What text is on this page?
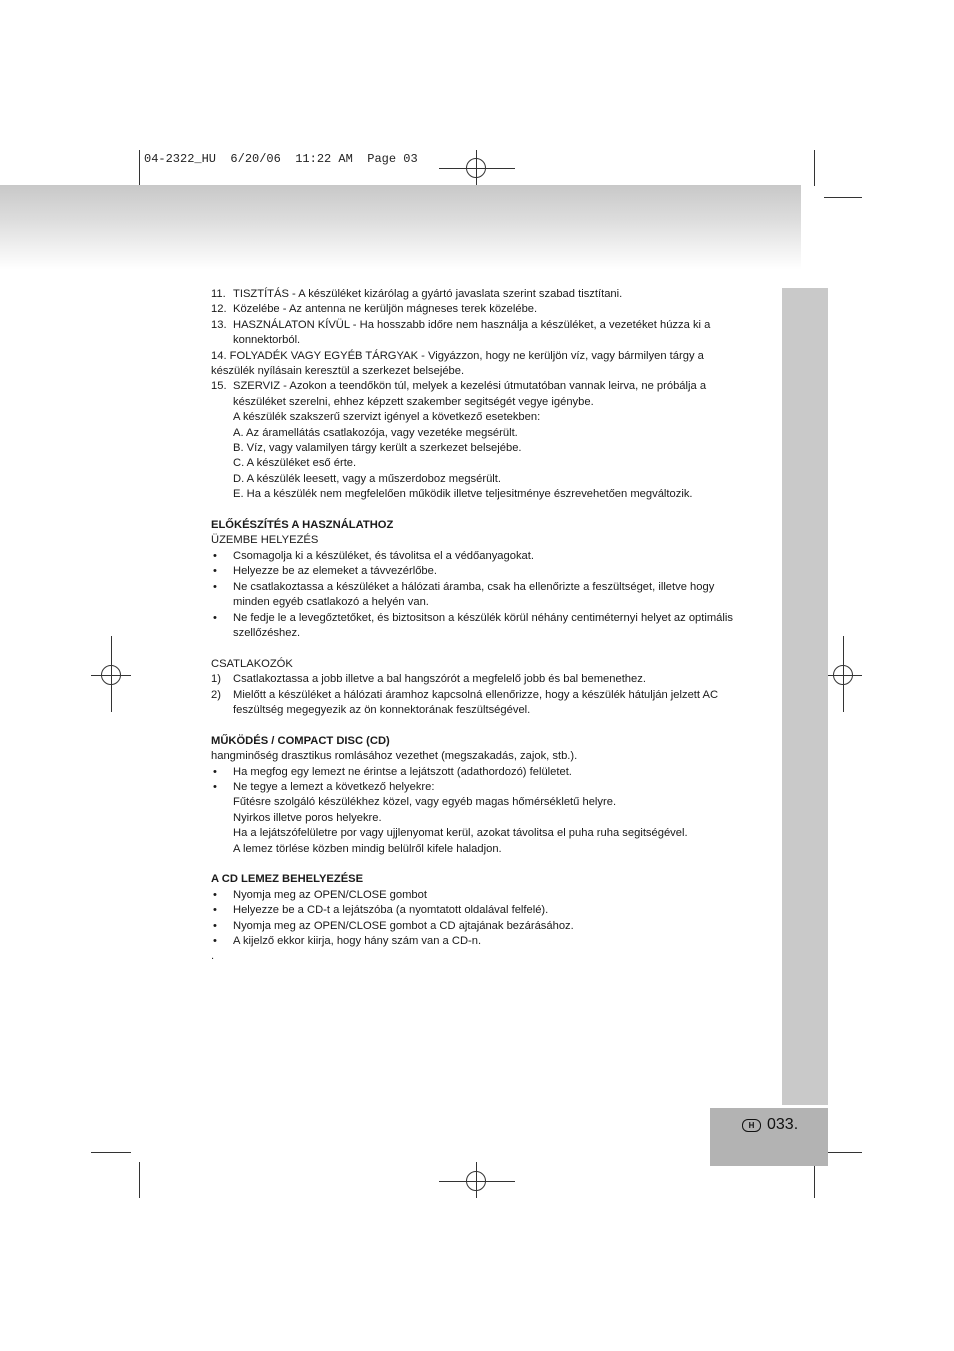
04-2322_HU  6/20/06  11:22 AM  Page 03
H 033.
11. TISZTÍTÁS - A készüléket kizárólag a gyártó javaslata szerint szabad tisztítani.
12. Közelébe - Az antenna ne kerüljön mágneses terek közelébe.
13. HASZNÁLATON KÍVÜL - Ha hosszabb időre nem használja a készüléket, a vezetéket húzza ki a
konnektorból.
14. FOLYADÉK VAGY EGYÉB TÁRGYAK - Vigyázzon, hogy ne kerüljön víz, vagy bármilyen tárgy a
készülék nyílásain keresztül a szerkezet belsejébe.
15. SZERVIZ - Azokon a teendőkön túl, melyek a kezelési útmutatóban vannak leirva, ne próbálja a
készüléket szerelni, ehhez képzett szakember segitségét vegye igénybe.
A készülék szakszerű szervizt igényel a következő esetekben:
A. Az áramellátás csatlakozója, vagy vezetéke megsérült.
B. Víz, vagy valamilyen tárgy került a szerkezet belsejébe.
C. A készüléket eső érte.
D. A készülék leesett, vagy a műszerdoboz megsérült.
E. Ha a készülék nem megfelelően működik illetve teljesitménye észrevehetően megváltozik.
ELŐKÉSZÍTÉS A HASZNÁLATHOZ
ÜZEMBE HELYEZÉS
•	Csomagolja ki a készüléket, és távolitsa el a védőanyagokat.
•	Helyezze be az elemeket a távvezérlőbe.
•	Ne csatlakoztassa a készüléket a hálózati áramba, csak ha ellenőrizte a feszültséget, illetve hogy
minden egyéb csatlakozó a helyén van.
•	Ne fedje le a levegőztetőket, és biztositson a készülék körül néhány centiméternyi helyet az optimális
szellőzéshez.
CSATLAKOZÓK
1)	Csatlakoztassa a jobb illetve a bal hangszórót a megfelelő jobb és bal bemenethez.
2)	Mielőtt a készüléket a hálózati áramhoz kapcsolná ellenőrizze, hogy a készülék hátulján jelzett AC
feszültség megegyezik az ön konnektorának feszültségével.
MŰKÖDÉS / COMPACT DISC (CD)
hangminőség drasztikus romlásához vezethet (megszakadás, zajok, stb.).
•	Ha megfog egy lemezt ne érintse a lejátszott (adathordozó) felületet.
•	Ne tegye a lemezt a következő helyekre:
Fűtésre szolgáló készülékhez közel, vagy egyéb magas hőmérsékletű helyre.
Nyirkos illetve poros helyekre.
Ha a lejátszófelületre por vagy ujjlenyomat kerül, azokat távolitsa el puha ruha segitségével.
A lemez törlése közben mindig belülről kifele haladjon.
A CD LEMEZ BEHELYEZÉSE
•	Nyomja meg az OPEN/CLOSE gombot
•	Helyezze be a CD-t a lejátszóba (a nyomtatott oldalával felfelé).
•	Nyomja meg az OPEN/CLOSE gombot a CD ajtajának bezárásához.
•	A kijelző ekkor kiirja, hogy hány szám van a CD-n.
.
